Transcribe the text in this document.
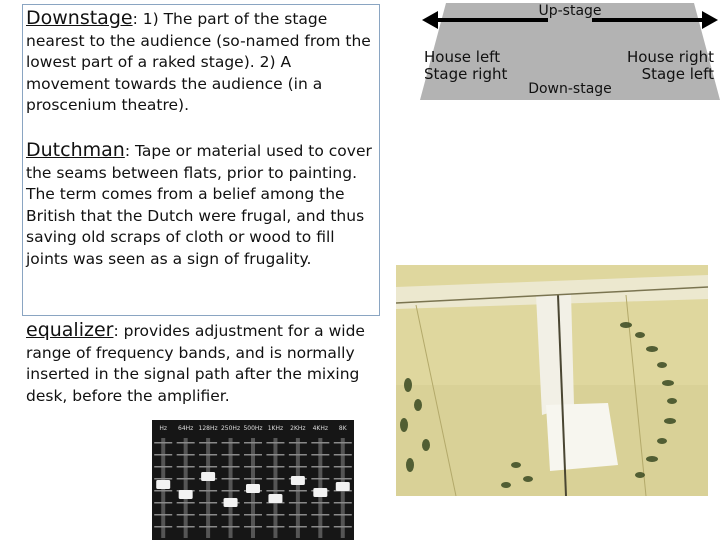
Downstage: 1) The part of the stage nearest to the audience (so-named from the lowest part of a raked stage). 2) A movement towards the audience (in a proscenium theatre).
Dutchman: Tape or material used to cover the seams between flats, prior to painting. The term comes from a belief among the British that the Dutch were frugal, and thus saving old scraps of cloth or wood to fill joints was seen as a sign of frugality.
equalizer: provides adjustment for a wide range of frequency bands, and is normally inserted in the signal path after the mixing desk, before the amplifier.
Up-stage
House left
Stage right
House right
Stage left
Down-stage
Hz 64Hz 128Hz 250Hz 500Hz 1KHz 2KHz 4KHz 8K
